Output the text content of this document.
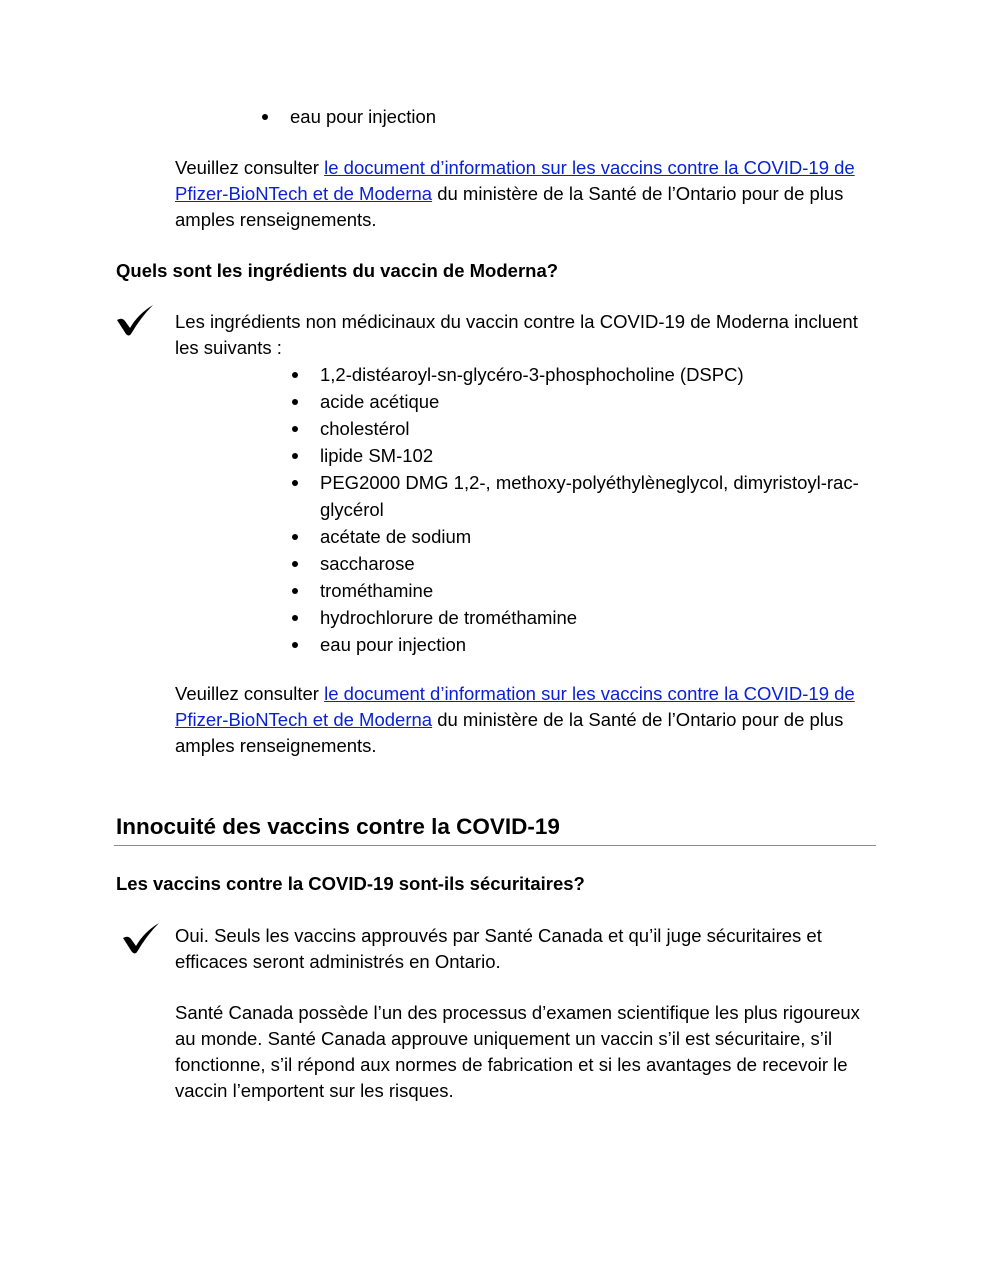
eau pour injection

Veuillez consulter le document d’information sur les vaccins contre la COVID-19 de Pfizer-BioNTech et de Moderna du ministère de la Santé de l’Ontario pour de plus amples renseignements.

Quels sont les ingrédients du vaccin de Moderna?

Les ingrédients non médicinaux du vaccin contre la COVID-19 de Moderna incluent les suivants :

1,2-distéaroyl-sn-glycéro-3-phosphocholine (DSPC)
acide acétique
cholestérol
lipide SM-102
PEG2000 DMG 1,2-, methoxy-polyéthylèneglycol, dimyristoyl-rac-glycérol
acétate de sodium
saccharose
trométhamine
hydrochlorure de trométhamine
eau pour injection

Veuillez consulter le document d’information sur les vaccins contre la COVID-19 de Pfizer-BioNTech et de Moderna du ministère de la Santé de l’Ontario pour de plus amples renseignements.

Innocuité des vaccins contre la COVID-19
Les vaccins contre la COVID-19 sont-ils sécuritaires?

Oui. Seuls les vaccins approuvés par Santé Canada et qu’il juge sécuritaires et efficaces seront administrés en Ontario.

Santé Canada possède l’un des processus d’examen scientifique les plus rigoureux au monde. Santé Canada approuve uniquement un vaccin s’il est sécuritaire, s’il fonctionne, s’il répond aux normes de fabrication et si les avantages de recevoir le vaccin l’emportent sur les risques.
